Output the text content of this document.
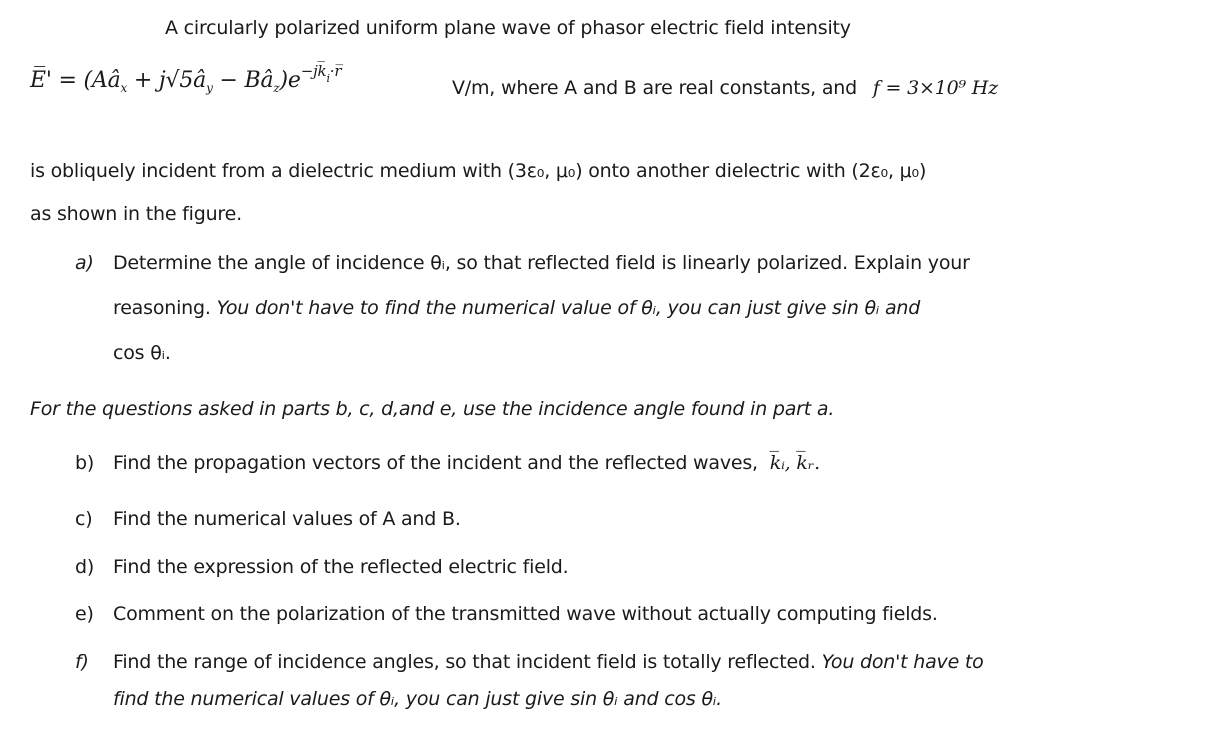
A circularly polarized uniform plane wave of phasor electric field intensity
E̅' = ($Aâ_x$ + $j√5â_y$ − $Bâ_z)e^{-jk̅i\cdot r̅}$
V/m, where A and B are real constants, and f = 3×10⁹ Hz
is obliquely incident from a dielectric medium with (3ε₀, μ₀) onto another dielectric with (2ε₀, μ₀)
as shown in the figure.
a) Determine the angle of incidence θᵢ, so that reflected field is linearly polarized. Explain your
reasoning. You don't have to find the numerical value of θᵢ, you can just give sin θᵢ and
cos θᵢ.
For the questions asked in parts b, c, d,and e, use the incidence angle found in part a.
b) Find the propagation vectors of the incident and the reflected waves, k̅ᵢ, k̅ᵣ.
c) Find the numerical values of A and B.
d) Find the expression of the reflected electric field.
e) Comment on the polarization of the transmitted wave without actually computing fields.
f) Find the range of incidence angles, so that incident field is totally reflected. You don't have to
find the numerical values of θᵢ, you can just give sin θᵢ and cos θᵢ.
